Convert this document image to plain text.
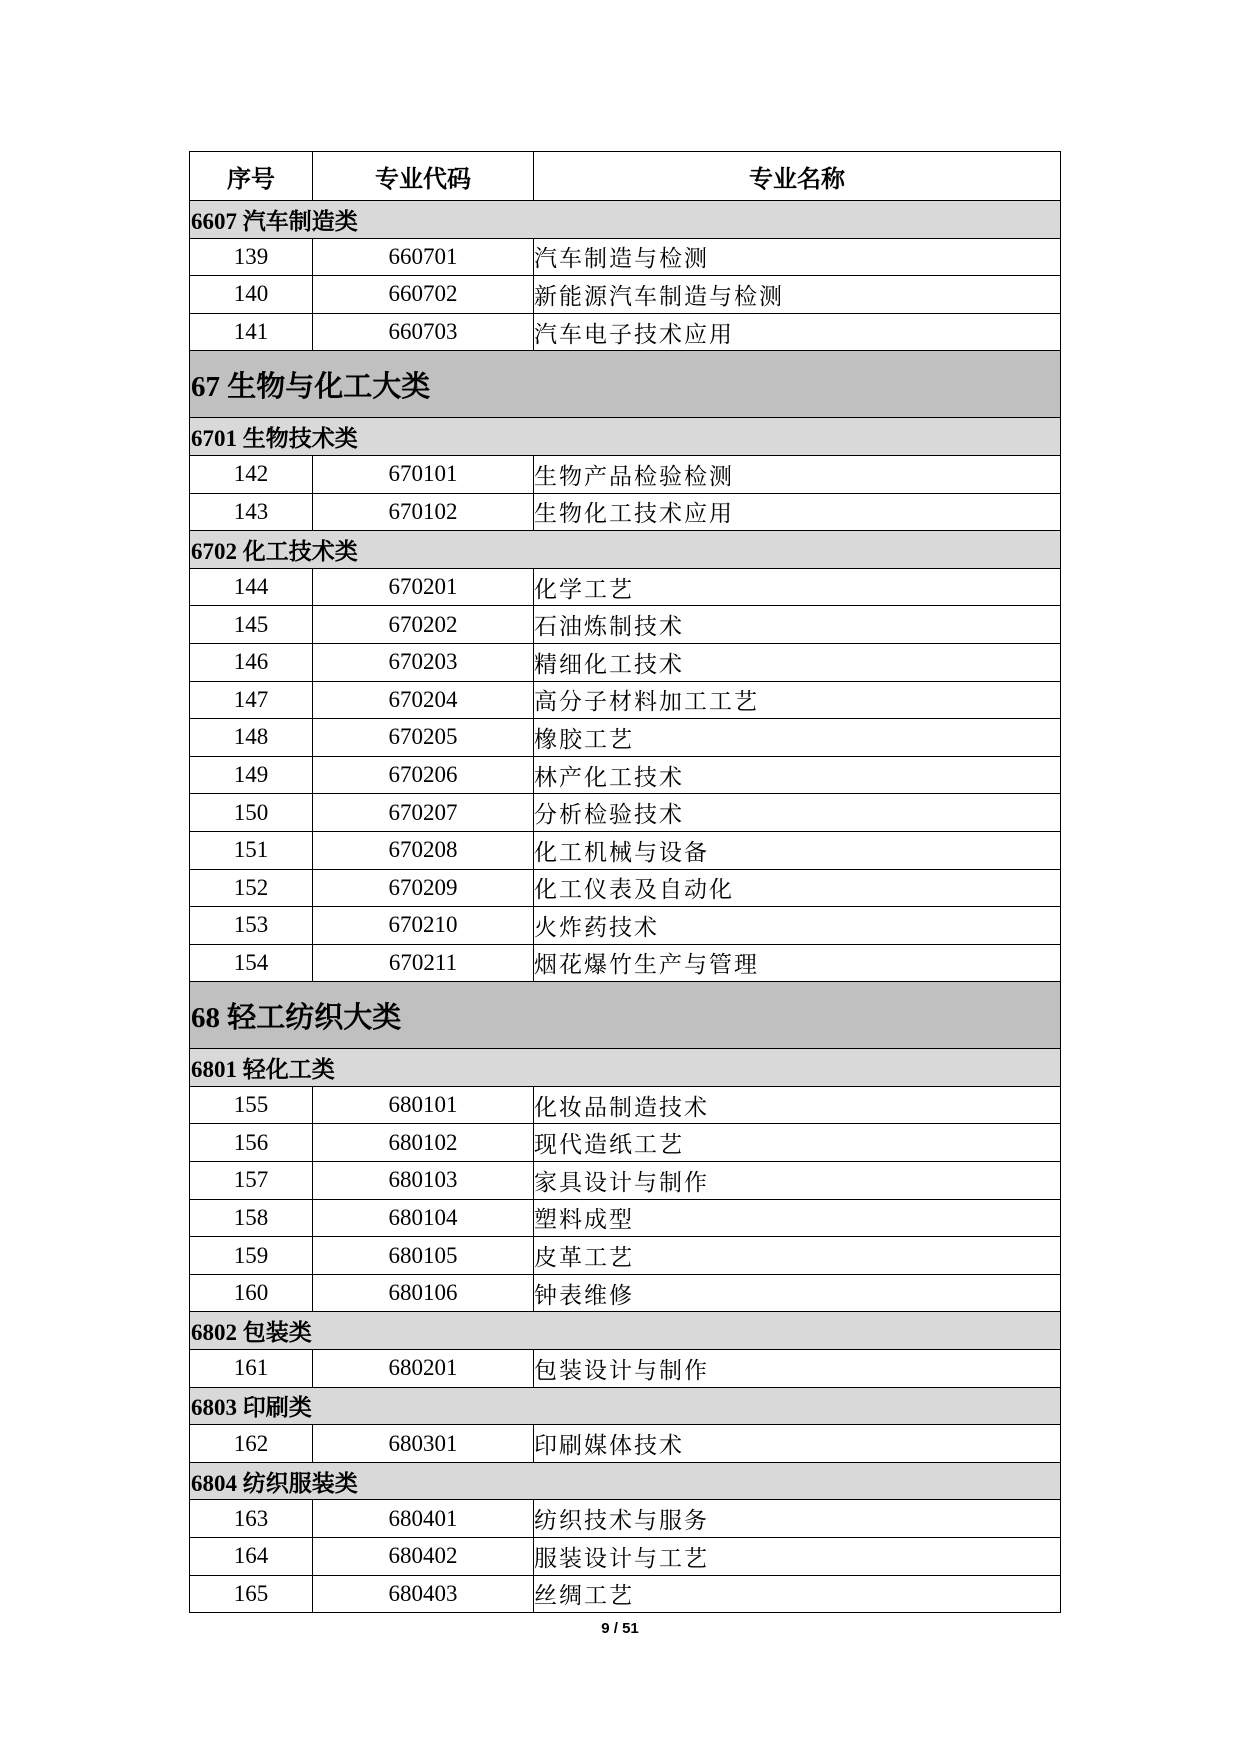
序号	专业代码	专业名称
6607 汽车制造类		
139	660701	汽车制造与检测
140	660702	新能源汽车制造与检测
141	660703	汽车电子技术应用
67 生物与化工大类		
6701 生物技术类		
142	670101	生物产品检验检测
143	670102	生物化工技术应用
6702 化工技术类		
144	670201	化学工艺
145	670202	石油炼制技术
146	670203	精细化工技术
147	670204	高分子材料加工工艺
148	670205	橡胶工艺
149	670206	林产化工技术
150	670207	分析检验技术
151	670208	化工机械与设备
152	670209	化工仪表及自动化
153	670210	火炸药技术
154	670211	烟花爆竹生产与管理
68 轻工纺织大类		
6801 轻化工类		
155	680101	化妆品制造技术
156	680102	现代造纸工艺
157	680103	家具设计与制作
158	680104	塑料成型
159	680105	皮革工艺
160	680106	钟表维修
6802 包装类		
161	680201	包装设计与制作
6803 印刷类		
162	680301	印刷媒体技术
6804 纺织服装类		
163	680401	纺织技术与服务
164	680402	服装设计与工艺
165	680403	丝绸工艺
9 / 51
